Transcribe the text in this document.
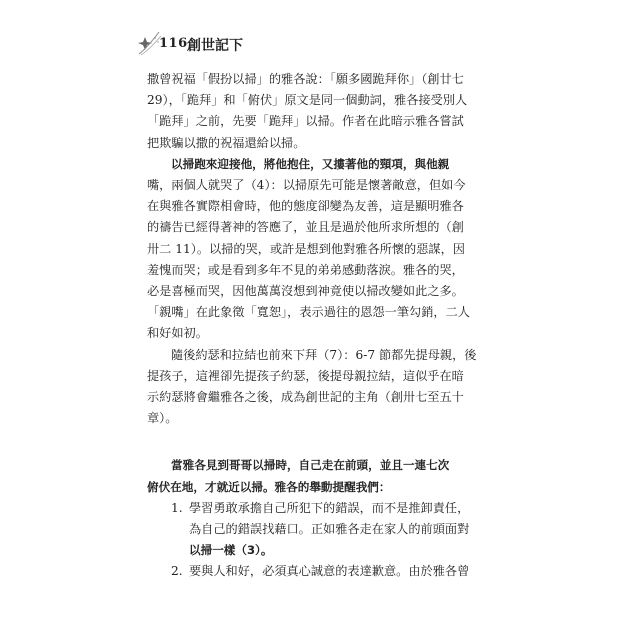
116 創世記下

撒曾祝福「假扮以掃」的雅各說：「願多國跪拜你」（創廿七
29），「跪拜」和「俯伏」原文是同一個動詞，雅各接受別人
「跪拜」之前，先要「跪拜」以掃。作者在此暗示雅各嘗試
把欺騙以撒的祝福還給以掃。

以掃跑來迎接他，將他抱住，又摟著他的頸項，與他親
嘴，兩個人就哭了（4）：以掃原先可能是懷著敵意，但如今
在與雅各實際相會時，他的態度卻變為友善，這是顯明雅各
的禱告已經得著神的答應了，並且是過於他所求所想的（創
卅二 11）。以掃的哭，或許是想到他對雅各所懷的惡謀，因
羞愧而哭；或是看到多年不見的弟弟感動落淚。雅各的哭，
必是喜極而哭，因他萬萬沒想到神竟使以掃改變如此之多。
「親嘴」在此象徵「寬恕」，表示過往的恩怨一筆勾銷，二人
和好如初。

隨後約瑟和拉結也前來下拜（7）：6-7 節都先提母親，後
提孩子，這裡卻先提孩子約瑟，後提母親拉結，這似乎在暗
示約瑟將會繼雅各之後，成為創世記的主角（創卅七至五十
章）。

當雅各見到哥哥以掃時，自己走在前頭，並且一連七次
俯伏在地，才就近以掃。雅各的舉動提醒我們：

1. 學習勇敢承擔自己所犯下的錯誤，而不是推卸責任，
為自己的錯誤找藉口。正如雅各走在家人的前頭面對
以掃一樣（3）。
2. 要與人和好，必須真心誠意的表達歉意。由於雅各曾
